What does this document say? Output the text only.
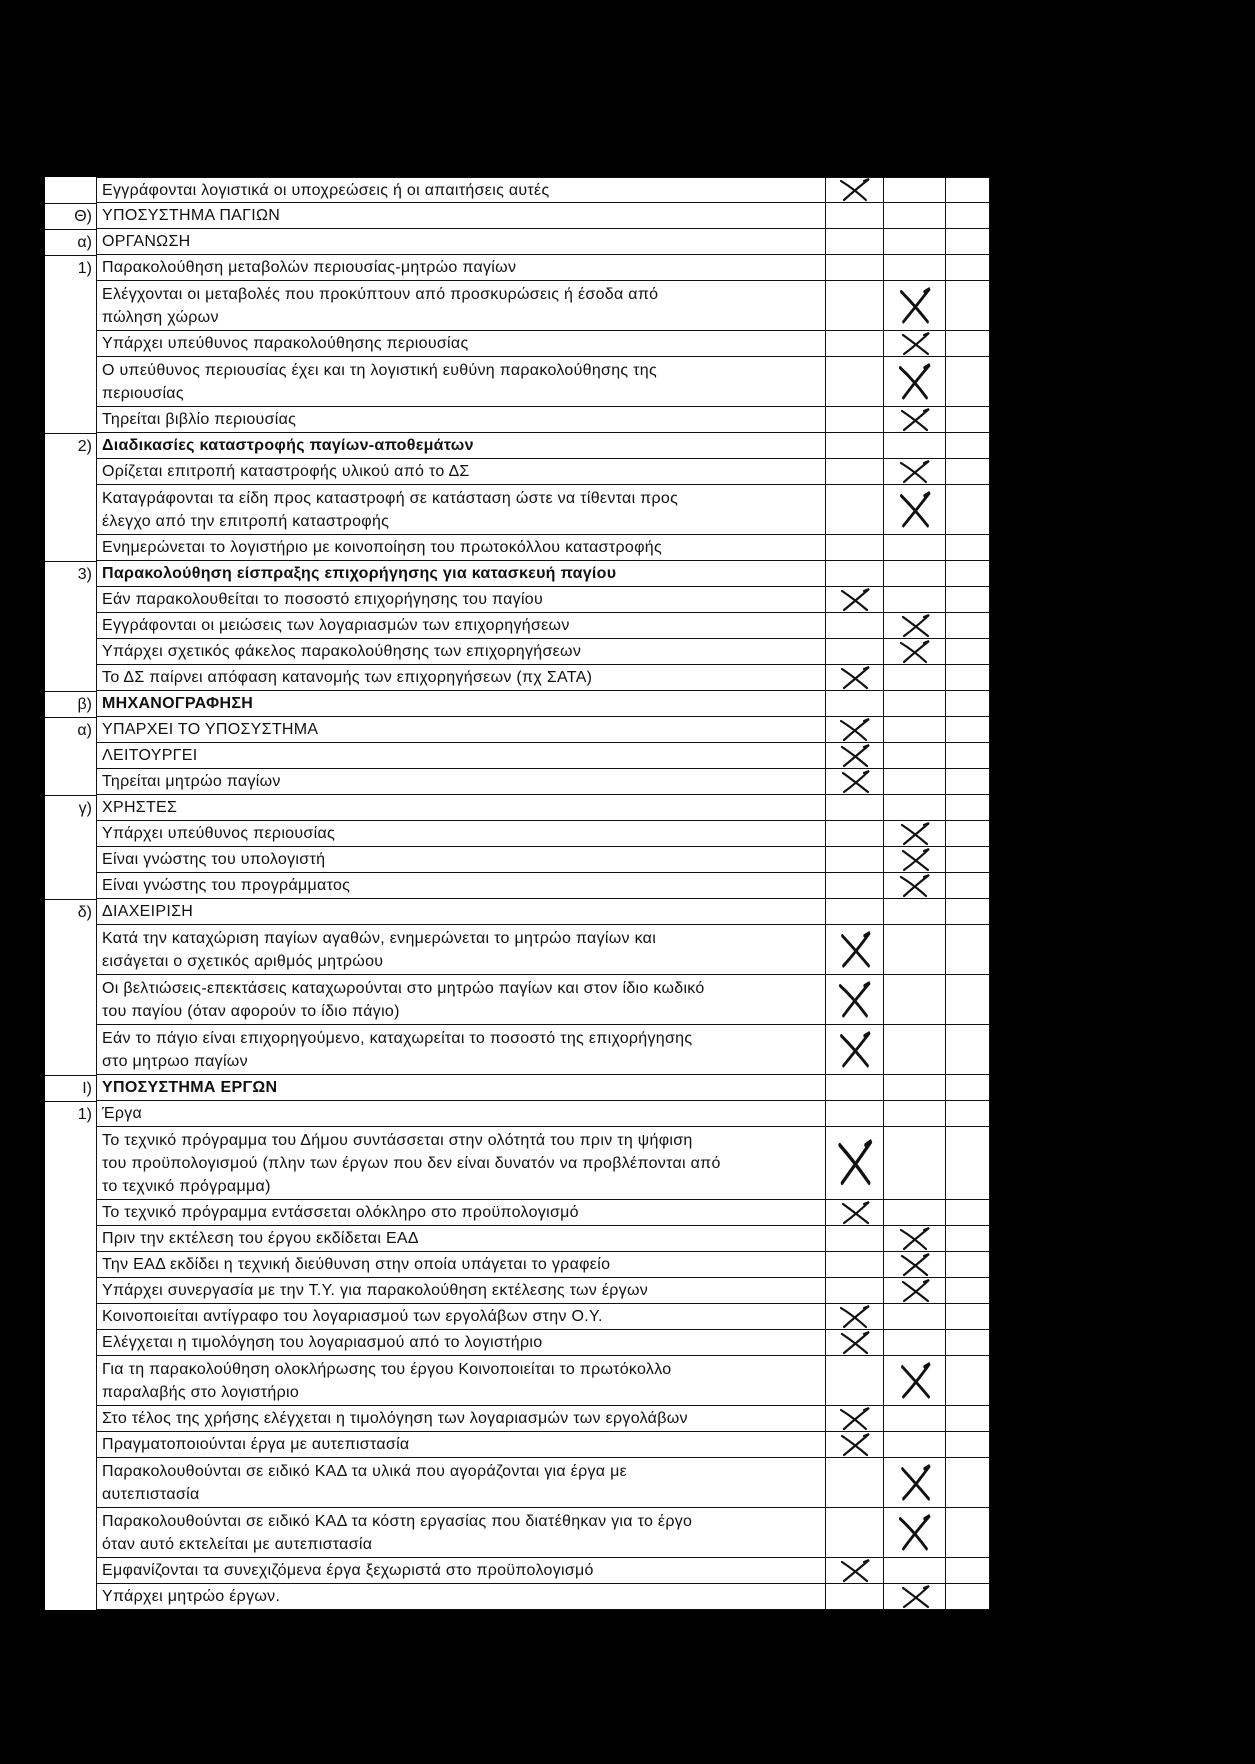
Εγγράφονται λογιστικά οι υποχρεώσεις ή οι απαιτήσεις αυτές
Θ) ΥΠΟΣΥΣΤΗΜΑ ΠΑΓΙΩΝ
α) ΟΡΓΑΝΩΣΗ
1) Παρακολούθηση μεταβολών περιουσίας-μητρώο παγίων
Ελέγχονται οι μεταβολές που προκύπτουν από προσκυρώσεις ή έσοδα από
πώληση χώρων
Υπάρχει υπεύθυνος παρακολούθησης περιουσίας
Ο υπεύθυνος περιουσίας έχει και τη λογιστική ευθύνη παρακολούθησης της
περιουσίας
Τηρείται βιβλίο περιουσίας
2) Διαδικασίες καταστροφής παγίων-αποθεμάτων
Ορίζεται επιτροπή καταστροφής υλικού από το ΔΣ
Καταγράφονται τα είδη προς καταστροφή σε κατάσταση ώστε να τίθενται προς
έλεγχο από την επιτροπή καταστροφής
Ενημερώνεται το λογιστήριο με κοινοποίηση του πρωτοκόλλου καταστροφής
3) Παρακολούθηση είσπραξης επιχορήγησης για κατασκευή παγίου
Εάν παρακολουθείται το ποσοστό επιχορήγησης του παγίου
Εγγράφονται οι μειώσεις των λογαριασμών των επιχορηγήσεων
Υπάρχει σχετικός φάκελος παρακολούθησης των επιχορηγήσεων
Το ΔΣ παίρνει απόφαση κατανομής των επιχορηγήσεων (πχ ΣΑΤΑ)
β) ΜΗΧΑΝΟΓΡΑΦΗΣΗ
α) ΥΠΑΡΧΕΙ ΤΟ ΥΠΟΣΥΣΤΗΜΑ
ΛΕΙΤΟΥΡΓΕΙ
Τηρείται μητρώο παγίων
γ) ΧΡΗΣΤΕΣ
Υπάρχει υπεύθυνος περιουσίας
Είναι γνώστης του υπολογιστή
Είναι γνώστης του προγράμματος
δ) ΔΙΑΧΕΙΡΙΣΗ
Κατά την καταχώριση παγίων αγαθών, ενημερώνεται το μητρώο παγίων και
εισάγεται ο σχετικός αριθμός μητρώου
Οι βελτιώσεις-επεκτάσεις καταχωρούνται στο μητρώο παγίων και στον ίδιο κωδικό
του παγίου (όταν αφορούν το ίδιο πάγιο)
Εάν το πάγιο είναι επιχορηγούμενο, καταχωρείται το ποσοστό της επιχορήγησης
στο μητρωο παγίων
Ι) ΥΠΟΣΥΣΤΗΜΑ ΕΡΓΩΝ
1) Έργα
Το τεχνικό πρόγραμμα του Δήμου συντάσσεται στην ολότητά του πριν τη ψήφιση
του προϋπολογισμού (πλην των έργων που δεν είναι δυνατόν να προβλέπονται από
το τεχνικό πρόγραμμα)
Το τεχνικό πρόγραμμα εντάσσεται ολόκληρο στο προϋπολογισμό
Πριν την εκτέλεση του έργου εκδίδεται ΕΑΔ
Την ΕΑΔ εκδίδει η τεχνική διεύθυνση στην οποία υπάγεται το γραφείο
Υπάρχει συνεργασία με την Τ.Υ. για παρακολούθηση εκτέλεσης των έργων
Κοινοποιείται αντίγραφο του λογαριασμού των εργολάβων στην Ο.Υ.
Ελέγχεται η τιμολόγηση του λογαριασμού από το λογιστήριο
Για τη παρακολούθηση ολοκλήρωσης του έργου Κοινοποιείται το πρωτόκολλο
παραλαβής στο λογιστήριο
Στο τέλος της χρήσης ελέγχεται η τιμολόγηση των λογαριασμών των εργολάβων
Πραγματοποιούνται έργα με αυτεπιστασία
Παρακολουθούνται σε ειδικό ΚΑΔ τα υλικά που αγοράζονται για έργα με
αυτεπιστασία
Παρακολουθούνται σε ειδικό ΚΑΔ τα κόστη εργασίας που διατέθηκαν για το έργο
όταν αυτό εκτελείται με αυτεπιστασία
Εμφανίζονται τα συνεχιζόμενα έργα ξεχωριστά στο προϋπολογισμό
Υπάρχει μητρώο έργων.
